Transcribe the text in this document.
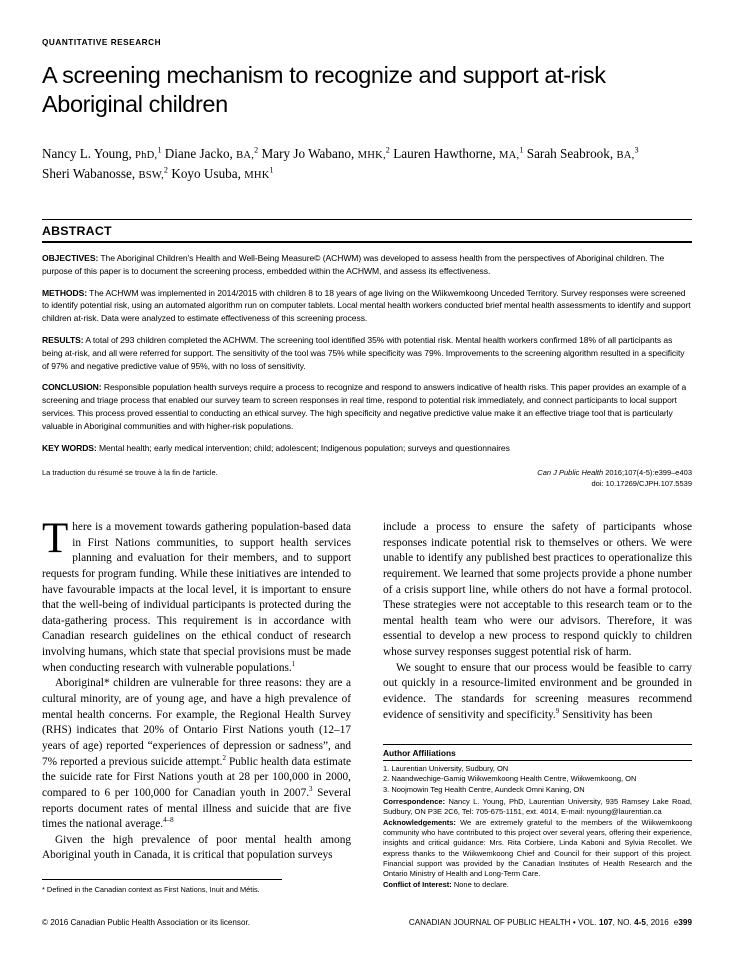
QUANTITATIVE RESEARCH
A screening mechanism to recognize and support at-risk Aboriginal children

Nancy L. Young, PhD,$^1$ Diane Jacko, BA,$^2$ Mary Jo Wabano, MHK,$^2$ Lauren Hawthorne, MA,$^1$ Sarah Seabrook, BA,$^3$
Sheri Wabanosse, BSW,$^2$ Koyo Usuba, MHK$^1$

ABSTRACT

OBJECTIVES: The Aboriginal Children's Health and Well-Being Measure© (ACHWM) was developed to assess health from the perspectives of Aboriginal children. The purpose of this paper is to document the screening process, embedded within the ACHWM, and assess its effectiveness.

METHODS: The ACHWM was implemented in 2014/2015 with children 8 to 18 years of age living on the Wiikwemkoong Unceded Territory. Survey responses were screened to identify potential risk, using an automated algorithm run on computer tablets. Local mental health workers conducted brief mental health assessments to identify and support children at-risk. Data were analyzed to estimate effectiveness of this screening process.

RESULTS: A total of 293 children completed the ACHWM. The screening tool identified 35% with potential risk. Mental health workers confirmed 18% of all participants as being at-risk, and all were referred for support. The sensitivity of the tool was 75% while specificity was 79%. Improvements to the screening algorithm resulted in a specificity of 97% and negative predictive value of 95%, with no loss of sensitivity.

CONCLUSION: Responsible population health surveys require a process to recognize and respond to answers indicative of health risks. This paper provides an example of a screening and triage process that enabled our survey team to screen responses in real time, respond to potential risk immediately, and connect participants to local support services. This process proved essential to conducting an ethical survey. The high specificity and negative predictive value make it an effective triage tool that is particularly valuable in Aboriginal communities and with higher-risk populations.

KEY WORDS: Mental health; early medical intervention; child; adolescent; Indigenous population; surveys and questionnaires

La traduction du résumé se trouve à la fin de l'article.	Can J Public Health 2016;107(4-5):e399–e403
doi: 10.17269/CJPH.107.5539

There is a movement towards gathering population-based data in First Nations communities, to support health services planning and evaluation for their members, and to support requests for program funding. While these initiatives are intended to have favourable impacts at the local level, it is important to ensure that the well-being of individual participants is protected during the data-gathering process. This requirement is in accordance with Canadian research guidelines on the ethical conduct of research involving humans, which state that special provisions must be made when conducting research with vulnerable populations.$^1$

Aboriginal* children are vulnerable for three reasons: they are a cultural minority, are of young age, and have a high prevalence of mental health concerns. For example, the Regional Health Survey (RHS) indicates that 20% of Ontario First Nations youth (12–17 years of age) reported “experiences of depression or sadness”, and 7% reported a previous suicide attempt.$^2$ Public health data estimate the suicide rate for First Nations youth at 28 per 100,000 in 2000, compared to 6 per 100,000 for Canadian youth in 2007.$^3$ Several reports document rates of mental illness and suicide that are five times the national average.$^{4-8}$

Given the high prevalence of poor mental health among Aboriginal youth in Canada, it is critical that population surveys

include a process to ensure the safety of participants whose responses indicate potential risk to themselves or others. We were unable to identify any published best practices to operationalize this requirement. We learned that some projects provide a phone number of a crisis support line, while others do not have a formal protocol. These strategies were not acceptable to this research team or to the mental health team who were our advisors. Therefore, it was essential to develop a new process to respond quickly to children whose survey responses suggest potential risk of harm.

We sought to ensure that our process would be feasible to carry out quickly in a resource-limited environment and be grounded in evidence. The standards for screening measures recommend evidence of sensitivity and specificity.$^9$ Sensitivity has been

* Defined in the Canadian context as First Nations, Inuit and Métis.

Author Affiliations

1. Laurentian University, Sudbury, ON

2. Naandwechige-Gamig Wiikwemkoong Health Centre, Wiikwemkoong, ON

3. Noojmowin Teg Health Centre, Aundeck Omni Kaning, ON

Correspondence: Nancy L. Young, PhD, Laurentian University, 935 Ramsey Lake Road, Sudbury, ON P3E 2C6, Tel: 705-675-1151, ext. 4014, E-mail: nyoung@laurentian.ca

Acknowledgements: We are extremely grateful to the members of the Wiikwemkoong community who have contributed to this project over several years, offering their experience, insights and critical guidance: Mrs. Rita Corbiere, Linda Kaboni and Sylvia Recollet. We express thanks to the Wiikwemkoong Chief and Council for their support of this project. Financial support was provided by the Canadian Institutes of Health Research and the Ontario Ministry of Health and Long-Term Care.

Conflict of Interest: None to declare.

© 2016 Canadian Public Health Association or its licensor.	CANADIAN JOURNAL OF PUBLIC HEALTH • VOL. 107, NO. 4-5, 2016 e399
